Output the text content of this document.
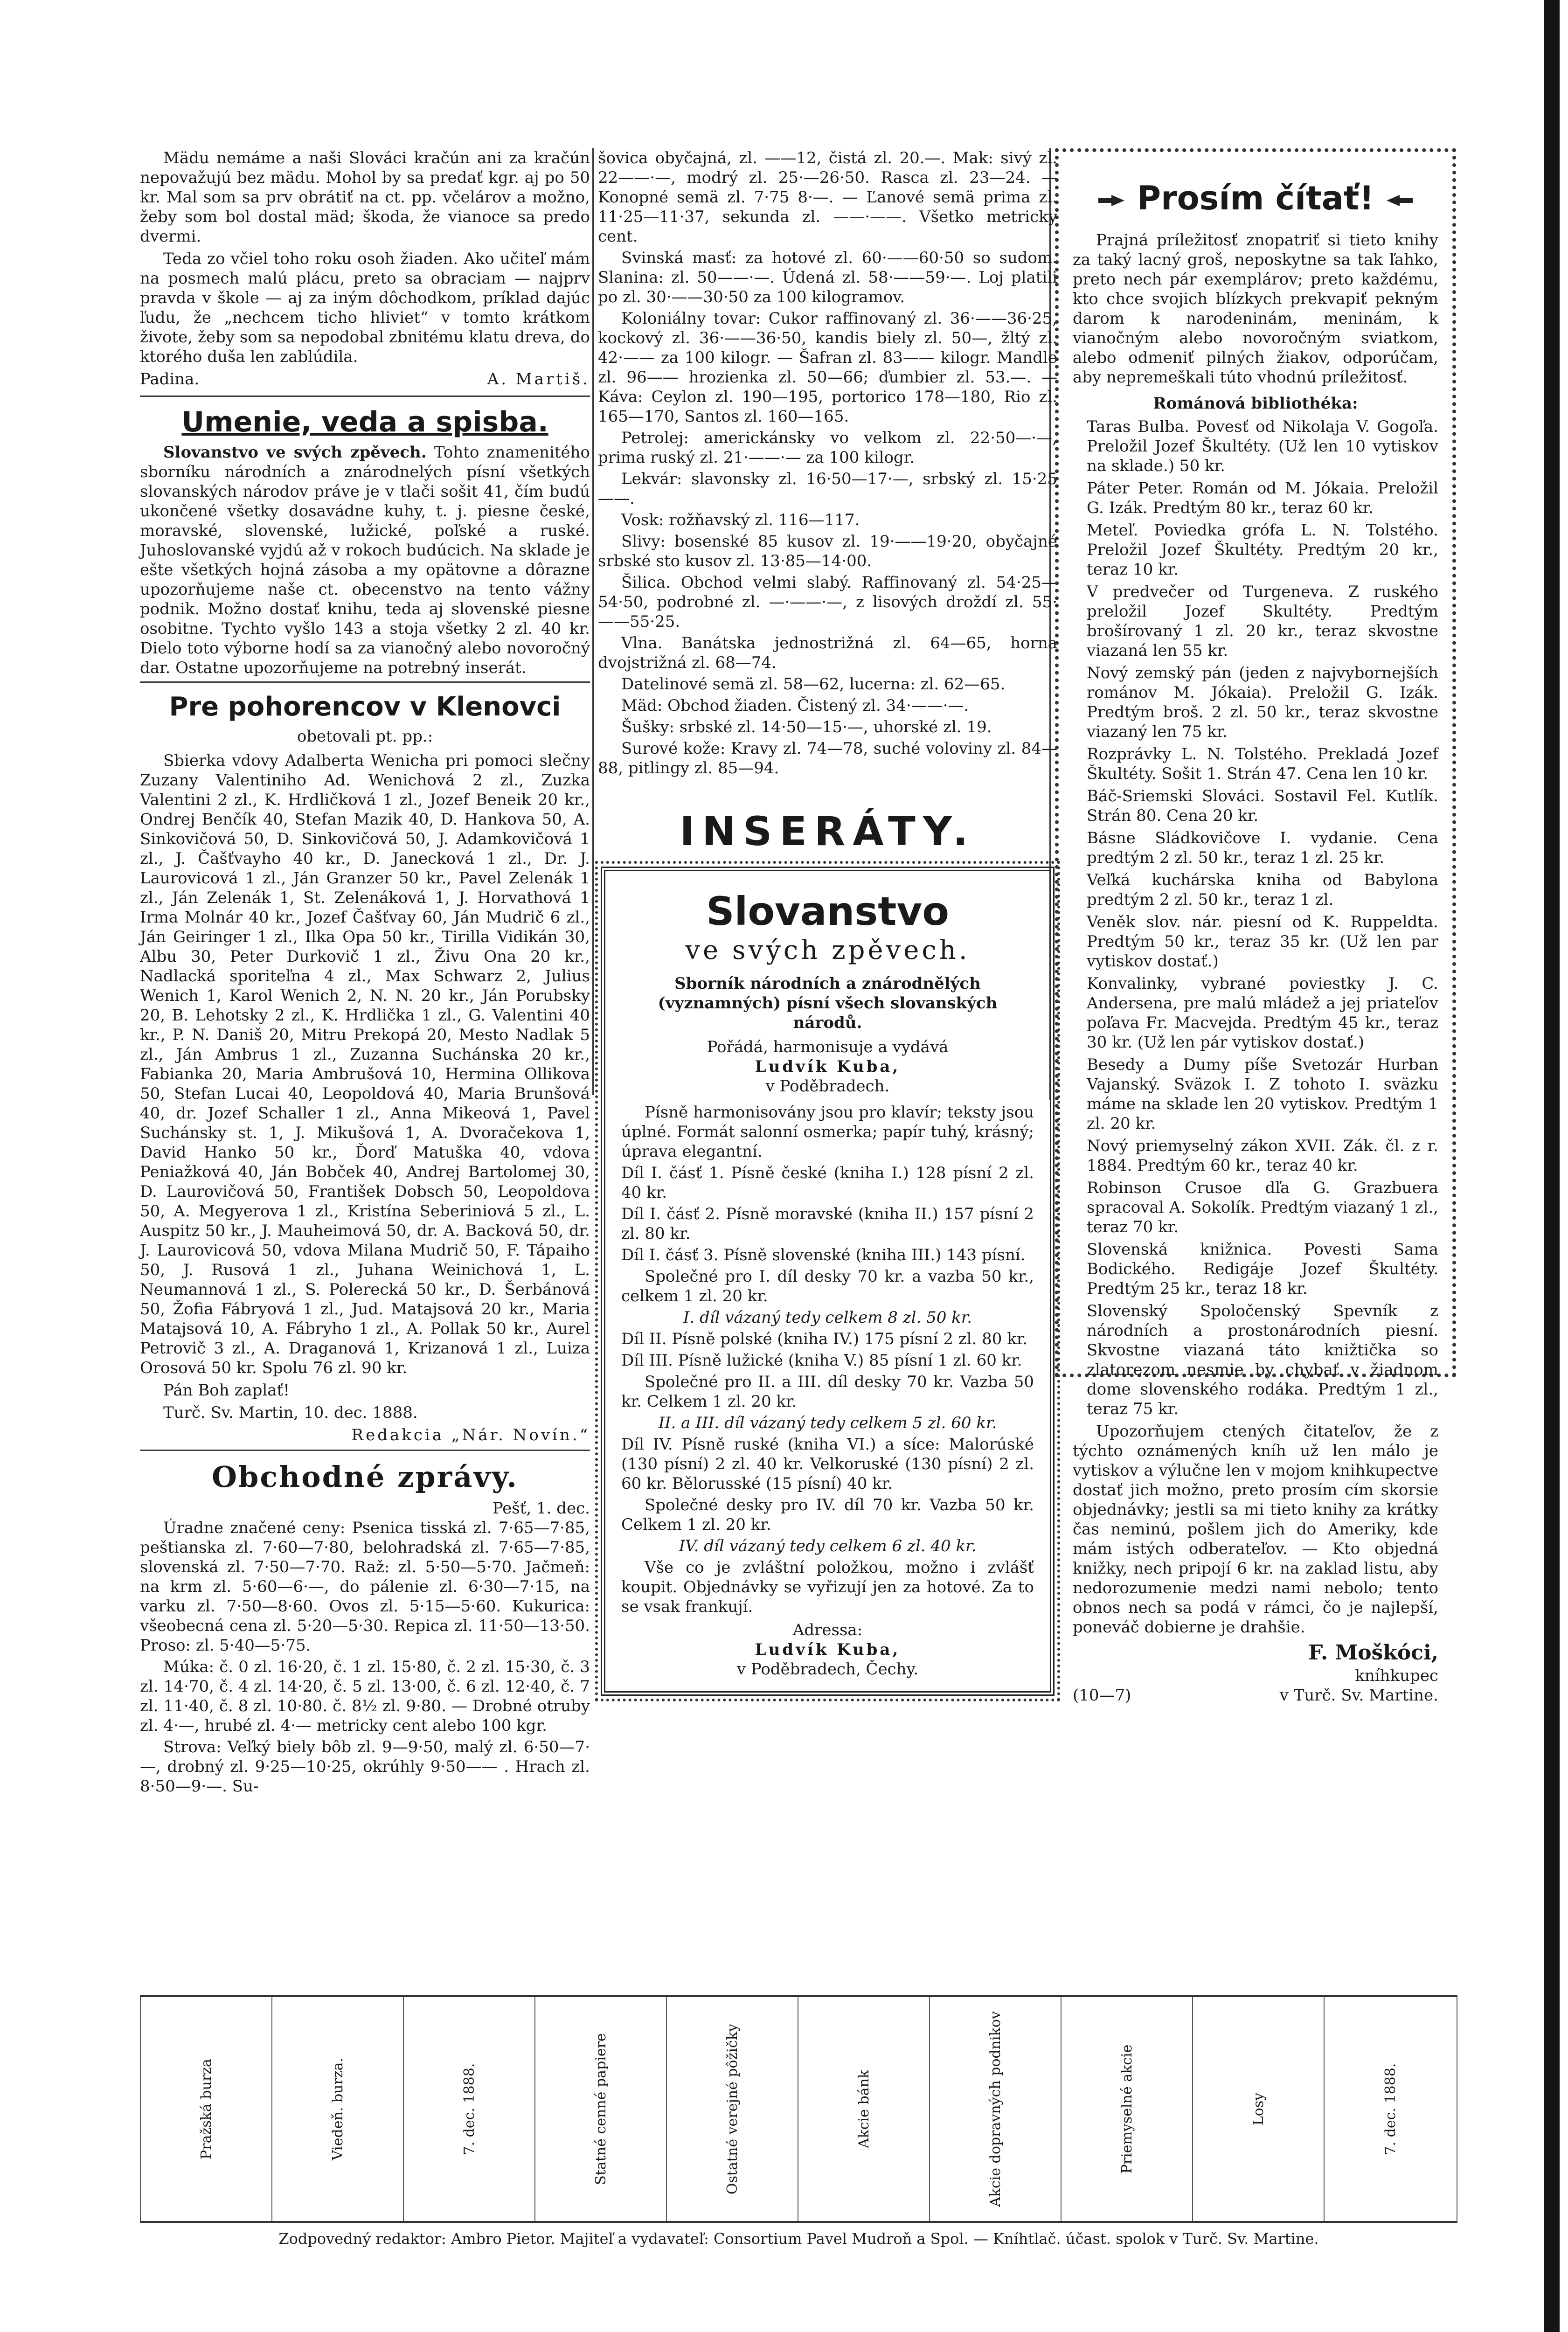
Mädu nemáme a naši Slováci kračún ani za kračún nepovažujú bez mädu. Mohol by sa predať kgr. aj po 50 kr. Mal som sa prv obrátiť na ct. pp. včelárov a možno, žeby som bol dostal mäd; škoda, že vianoce sa predo dvermi.

Teda zo včiel toho roku osoh žiaden. Ako učiteľ mám na posmech malú plácu, preto sa obraciam — najprv pravda v škole — aj za iným dôchodkom, príklad dajúc ľudu, že „nechcem ticho hliviet“ v tomto krátkom živote, žeby som sa nepodobal zbnitému klatu dreva, do ktorého duša len zablúdila.

Padina.	A. Martiš.
Umenie, veda a spisba.

Slovanstvo ve svých zpěvech. Tohto znamenitého sborníku národních a znárodnelých písní všetkých slovanských národov práve je v tlači sošit 41, čím budú ukončené všetky dosavádne kuhy, t. j. piesne české, moravské, slovenské, lužické, poľské a ruské. Juhoslovanské vyjdú až v rokoch budúcich. Na sklade je ešte všetkých hojná zásoba a my opätovne a dôrazne upozorňujeme naše ct. obecenstvo na tento vážny podnik. Možno dostať knihu, teda aj slovenské piesne osobitne. Tychto vyšlo 143 a stoja všetky 2 zl. 40 kr. Dielo toto výborne hodí sa za vianočný alebo novoročný dar. Ostatne upozorňujeme na potrebný inserát.

Pre pohorencov v Klenovci
obetovali pt. pp.:

Sbierka vdovy Adalberta Wenicha pri pomoci slečny Zuzany Valentiniho Ad. Wenichová 2 zl., Zuzka Valentini 2 zl., K. Hrdličková 1 zl., Jozef Beneik 20 kr., Ondrej Benčík 40, Stefan Mazik 40, D. Hankova 50, A. Sinkovičová 50, D. Sinkovičová 50, J. Adamkovičová 1 zl., J. Čašťvayho 40 kr., D. Janecková 1 zl., Dr. J. Laurovicová 1 zl., Ján Granzer 50 kr., Pavel Zelenák 1 zl., Ján Zelenák 1, St. Zelenáková 1, J. Horvathová 1 Irma Molnár 40 kr., Jozef Čašťvay 60, Ján Mudrič 6 zl., Ján Geiringer 1 zl., Ilka Opa 50 kr., Tirilla Vidikán 30, Albu 30, Peter Durkovič 1 zl., Živu Ona 20 kr., Nadlacká sporiteľna 4 zl., Max Schwarz 2, Julius Wenich 1, Karol Wenich 2, N. N. 20 kr., Ján Porubsky 20, B. Lehotsky 2 zl., K. Hrdlička 1 zl., G. Valentini 40 kr., P. N. Daniš 20, Mitru Prekopá 20, Mesto Nadlak 5 zl., Ján Ambrus 1 zl., Zuzanna Suchánska 20 kr., Fabianka 20, Maria Ambrušová 10, Hermina Ollikova 50, Stefan Lucai 40, Leopoldová 40, Maria Brunšová 40, dr. Jozef Schaller 1 zl., Anna Mikeová 1, Pavel Suchánsky st. 1, J. Mikušová 1, A. Dvoračekova 1, David Hanko 50 kr., Ďorď Matuška 40, vdova Peniažková 40, Ján Bobček 40, Andrej Bartolomej 30, D. Laurovičová 50, František Dobsch 50, Leopoldova 50, A. Megyerova 1 zl., Kristína Seberiniová 5 zl., L. Auspitz 50 kr., J. Mauheimová 50, dr. A. Backová 50, dr. J. Laurovicová 50, vdova Milana Mudrič 50, F. Tápaiho 50, J. Rusová 1 zl., Juhana Weinichová 1, L. Neumannová 1 zl., S. Polerecká 50 kr., D. Šerbánová 50, Žofia Fábryová 1 zl., Jud. Matajsová 20 kr., Maria Matajsová 10, A. Fábryho 1 zl., A. Pollak 50 kr., Aurel Petrovič 3 zl., A. Draganová 1, Krizanová 1 zl., Luiza Orosová 50 kr. Spolu 76 zl. 90 kr.

Pán Boh zaplať!

Turč. Sv. Martin, 10. dec. 1888.

Redakcia „Nár. Novín.“
Obchodné zprávy.
Pešť, 1. dec.

Úradne značené ceny: Psenica tisská zl. 7·65—7·85, peštianska zl. 7·60—7·80, belohradská zl. 7·65—7·85, slovenská zl. 7·50—7·70. Raž: zl. 5·50—5·70. Jačmeň: na krm zl. 5·60—6·—, do pálenie zl. 6·30—7·15, na varku zl. 7·50—8·60. Ovos zl. 5·15—5·60. Kukurica: všeobecná cena zl. 5·20—5·30. Repica zl. 11·50—13·50. Proso: zl. 5·40—5·75.

Múka: č. 0 zl. 16·20, č. 1 zl. 15·80, č. 2 zl. 15·30, č. 3 zl. 14·70, č. 4 zl. 14·20, č. 5 zl. 13·00, č. 6 zl. 12·40, č. 7 zl. 11·40, č. 8 zl. 10·80. č. 8½ zl. 9·80. — Drobné otruby zl. 4·—, hrubé zl. 4·— metricky cent alebo 100 kgr.

Strova: Veľký biely bôb zl. 9—9·50, malý zl. 6·50—7·—, drobný zl. 9·25—10·25, okrúhly 9·50—— . Hrach zl. 8·50—9·—. Su-

šovica obyčajná, zl. ——12, čistá zl. 20.—. Mak: sivý zl. 22——·—, modrý zl. 25·—26·50. Rasca zl. 23—24. — Konopné semä zl. 7·75 8·—. — Ľanové semä prima zl. 11·25—11·37, sekunda zl. ——·——. Všetko metricky cent.

Svinská masť: za hotové zl. 60·——60·50 so sudom. Slanina: zl. 50——·—. Údená zl. 58·——59·—. Loj platili po zl. 30·——30·50 za 100 kilogramov.

Koloniálny tovar: Cukor raffinovaný zl. 36·——36·25, kockový zl. 36·——36·50, kandis biely zl. 50—, žltý zl. 42·—— za 100 kilogr. — Šafran zl. 83—— kilogr. Mandle zl. 96—— hrozienka zl. 50—66; ďumbier zl. 53.—. — Káva: Ceylon zl. 190—195, portorico 178—180, Rio zl. 165—170, Santos zl. 160—165.

Petrolej: americkánsky vo velkom zl. 22·50—·—, prima ruský zl. 21·——·— za 100 kilogr.

Lekvár: slavonsky zl. 16·50—17·—, srbský zl. 15·25——.

Vosk: rožňavský zl. 116—117.

Slivy: bosenské 85 kusov zl. 19·——19·20, obyčajné srbské sto kusov zl. 13·85—14·00.

Šilica. Obchod velmi slabý. Raffinovaný zl. 54·25—54·50, podrobné zl. —·——·—, z lisových droždí zl. 55·——55·25.

Vlna. Banátska jednostrižná zl. 64—65, horna dvojstrižná zl. 68—74.

Datelinové semä zl. 58—62, lucerna: zl. 62—65.

Mäd: Obchod žiaden. Čistený zl. 34·——·—.

Šušky: srbské zl. 14·50—15·—, uhorské zl. 19.

Surové kože: Kravy zl. 74—78, suché voloviny zl. 84—88, pitlingy zl. 85—94.

INSERÁTY.
Slovanstvo
ve svých zpěvech.
Sborník národních a znárodnělých (vyznamných) písní všech slovanských národů.
Pořádá, harmonisuje a vydává
Ludvík Kuba,
v Poděbradech.

Písně harmonisovány jsou pro klavír; teksty jsou úplné. Formát salonní osmerka; papír tuhý, krásný; úprava elegantní.

Díl I. čásť 1. Písně české (kniha I.) 128 písní 2 zl. 40 kr.

Díl I. čásť 2. Písně moravské (kniha II.) 157 písní 2 zl. 80 kr.

Díl I. čásť 3. Písně slovenské (kniha III.) 143 písní.

Společné pro I. díl desky 70 kr. a vazba 50 kr., celkem 1 zl. 20 kr.

I. díl vázaný tedy celkem 8 zl. 50 kr.

Díl II. Písně polské (kniha IV.) 175 písní 2 zl. 80 kr.

Díl III. Písně lužické (kniha V.) 85 písní 1 zl. 60 kr.

Společné pro II. a III. díl desky 70 kr. Vazba 50 kr. Celkem 1 zl. 20 kr.

II. a III. díl vázaný tedy celkem 5 zl. 60 kr.

Díl IV. Písně ruské (kniha VI.) a síce: Malorúské (130 písní) 2 zl. 40 kr. Velkoruské (130 písní) 2 zl. 60 kr. Bělorusské (15 písní) 40 kr.

Společné desky pro IV. díl 70 kr. Vazba 50 kr. Celkem 1 zl. 20 kr.

IV. díl vázaný tedy celkem 6 zl. 40 kr.

Vše co je zvláštní položkou, možno i zvlášť koupit. Objednávky se vyřizují jen za hotové. Za to se vsak frankují.

Adressa:
Ludvík Kuba,
v Poděbradech, Čechy.
Prosím čítať!

Prajná príležitosť znopatriť si tieto knihy za taký lacný groš, neposkytne sa tak ľahko, preto nech pár exemplárov; preto každému, kto chce svojich blízkych prekvapiť pekným darom k narodeninám, meninám, k vianočným alebo novoročným sviatkom, alebo odmeniť pilných žiakov, odporúčam, aby nepremeškali túto vhodnú príležitosť.

Románová bibliothéka:

Taras Bulba. Povesť od Nikolaja V. Gogoľa. Preložil Jozef Škultéty. (Už len 10 vytiskov na sklade.) 50 kr.

Páter Peter. Román od M. Jókaia. Preložil G. Izák. Predtým 80 kr., teraz 60 kr.

Meteľ. Poviedka grófa L. N. Tolstého. Preložil Jozef Škultéty. Predtým 20 kr., teraz 10 kr.

V predvečer od Turgeneva. Z ruského preložil Jozef Skultéty. Predtým brošírovaný 1 zl. 20 kr., teraz skvostne viazaná len 55 kr.

Nový zemský pán (jeden z najvybornejších románov M. Jókaia). Preložil G. Izák. Predtým broš. 2 zl. 50 kr., teraz skvostne viazaný len 75 kr.

Rozprávky L. N. Tolstého. Prekladá Jozef Škultéty. Sošit 1. Strán 47. Cena len 10 kr.

Báč-Sriemski Slováci. Sostavil Fel. Kutlík. Strán 80. Cena 20 kr.

Básne Sládkovičove I. vydanie. Cena predtým 2 zl. 50 kr., teraz 1 zl. 25 kr.

Veľká kuchárska kniha od Babylona predtým 2 zl. 50 kr., teraz 1 zl.

Veněk slov. nár. piesní od K. Ruppeldta. Predtým 50 kr., teraz 35 kr. (Už len par vytiskov dostať.)

Konvalinky, vybrané poviestky J. C. Andersena, pre malú mládež a jej priateľov poľava Fr. Macvejda. Predtým 45 kr., teraz 30 kr. (Už len pár vytiskov dostať.)

Besedy a Dumy píše Svetozár Hurban Vajanský. Sväzok I. Z tohoto I. sväzku máme na sklade len 20 vytiskov. Predtým 1 zl. 20 kr.

Nový priemyselný zákon XVII. Zák. čl. z r. 1884. Predtým 60 kr., teraz 40 kr.

Robinson Crusoe dľa G. Grazbuera spracoval A. Sokolík. Predtým viazaný 1 zl., teraz 70 kr.

Slovenská knižnica. Povesti Sama Bodického. Redigáje Jozef Škultéty. Predtým 25 kr., teraz 18 kr.

Slovenský Spoločenský Spevník z národních a prostonárodních piesní. Skvostne viazaná táto knižtička so zlatorezom nesmie by chybať v žiadnom dome slovenského rodáka. Predtým 1 zl., teraz 75 kr.

Upozorňujem ctených čitateľov, že z týchto oznámených kníh už len málo je vytiskov a výlučne len v mojom knihkupectve dostať jich možno, preto prosím cím skorsie objednávky; jestli sa mi tieto knihy za krátky čas neminú, pošlem jich do Ameriky, kde mám istých odberateľov. — Kto objedná knižky, nech pripojí 6 kr. na zaklad listu, aby nedorozumenie medzi nami nebolo; tento obnos nech sa podá v rámci, čo je najlepší, poneváč dobierne je drahšie.

F. Moškóci,
kníhkupec
(10—7)	v Turč. Sv. Martine.
Pražská burza	Viedeň. burza.	7. dec. 1888.	Statné cenné papiere	Ostatné verejné pôžičky	Akcie bánk	Akcie dopravných podnikov	Priemyselné akcie	Losy	7. dec. 1888.
Zodpovedný redaktor: Ambro Pietor. Majiteľ a vydavateľ: Consortium Pavel Mudroň a Spol. — Kníhtlač. účast. spolok v Turč. Sv. Martine.
